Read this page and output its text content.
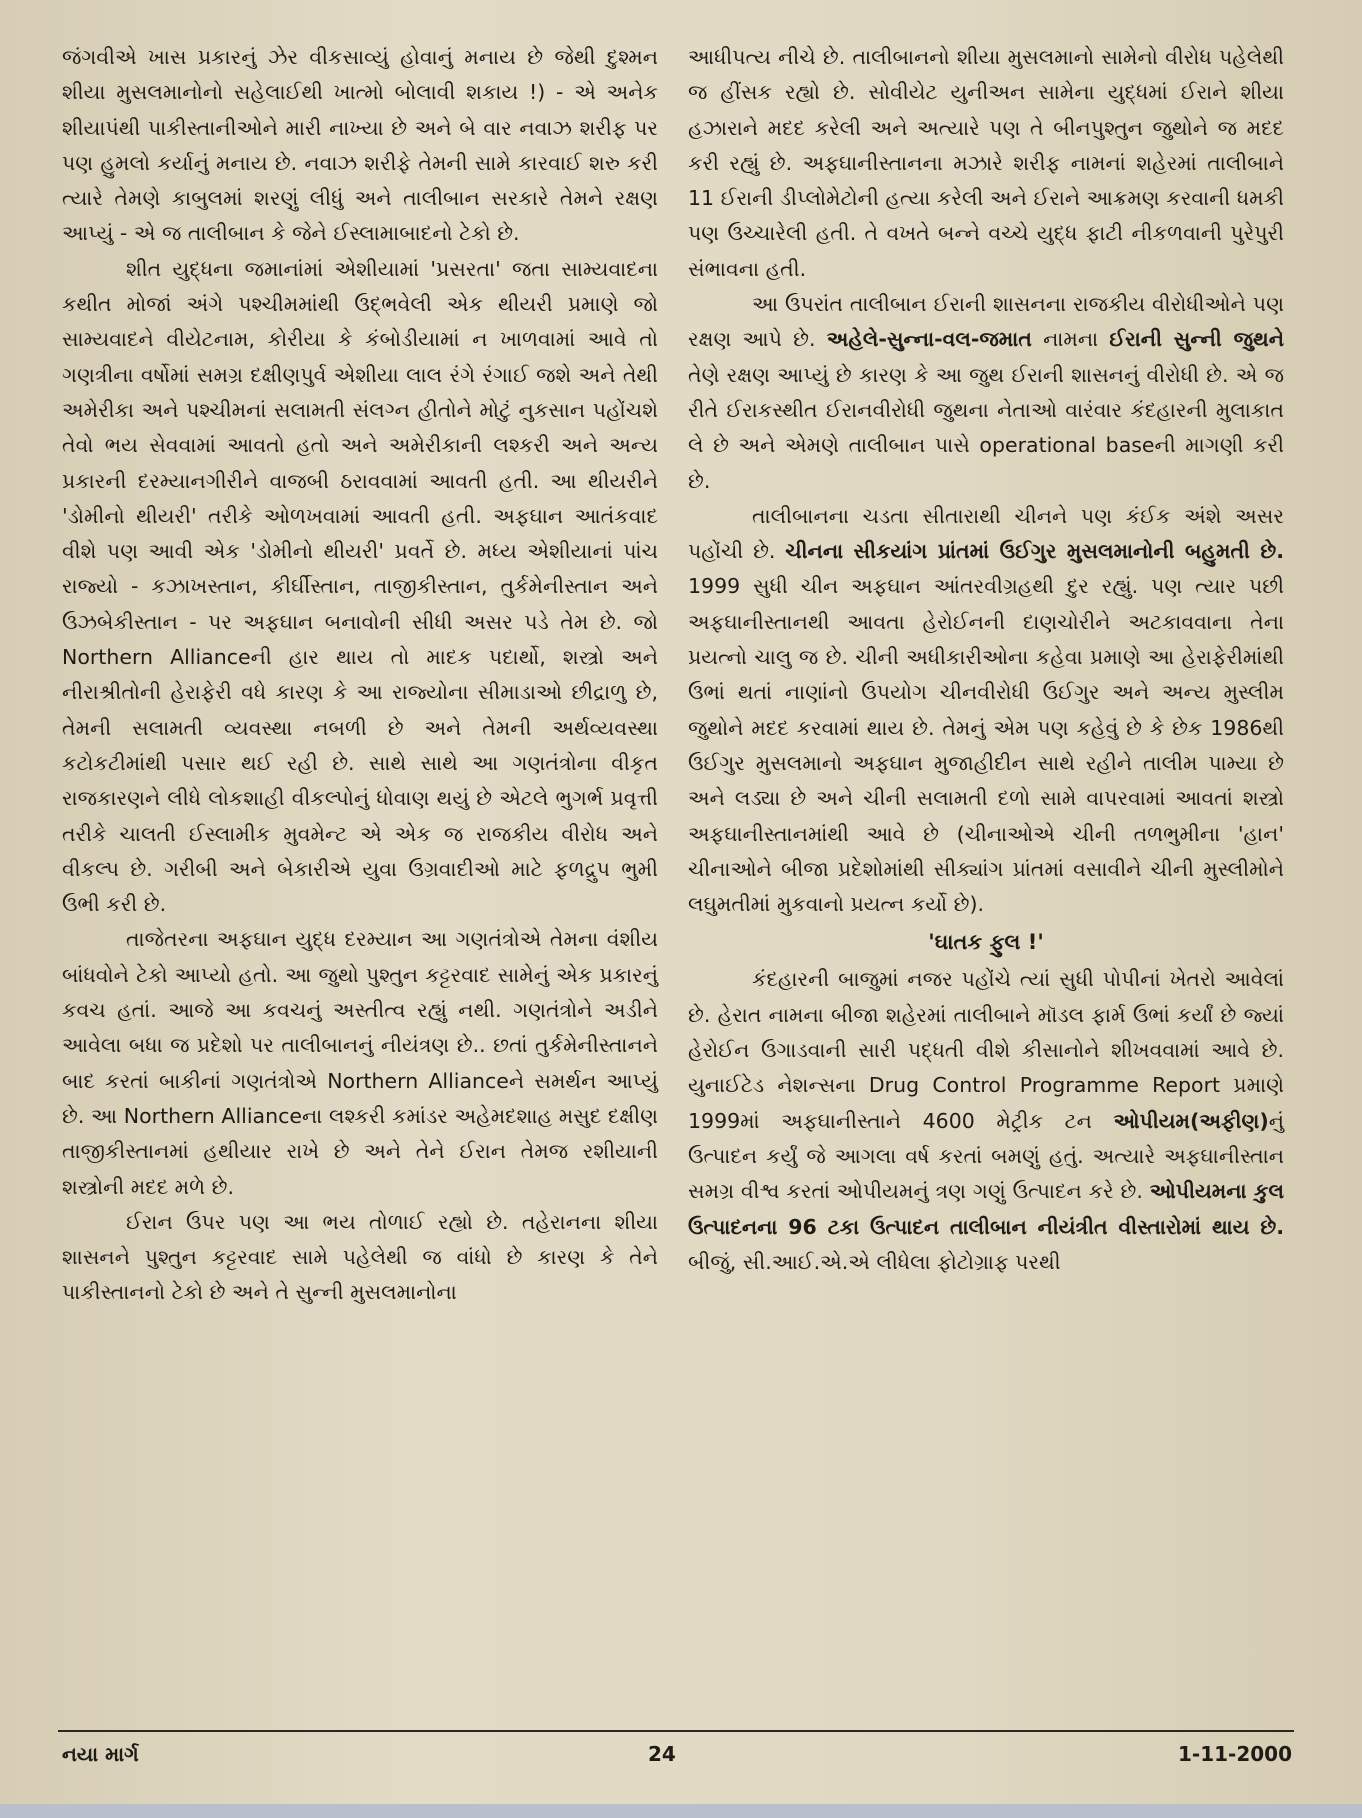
જંગવીએ ખાસ પ્રકારનું ઝેર વીકસાવ્યું હોવાનું મનાય છે જેથી દુશ્મન શીયા મુસલમાનોનો સહેલાઈથી ખાત્મો બોલાવી શકાય !) - એ અનેક શીયાપંથી પાકીસ્તાનીઓને મારી નાખ્યા છે અને બે વાર નવાઝ શરીફ પર પણ હુમલો કર્યાનું મનાય છે. નવાઝ શરીફે તેમની સામે કારવાઈ શરુ કરી ત્યારે તેમણે કાબુલમાં શરણું લીધું અને તાલીબાન સરકારે તેમને રક્ષણ આપ્યું - એ જ તાલીબાન કે જેને ઈસ્લામાબાદનો ટેકો છે.

શીત યુદ્ધના જમાનાંમાં એશીયામાં 'પ્રસરતા' જતા સામ્યવાદના કથીત મોજાં અંગે પશ્ચીમમાંથી ઉદ્ભવેલી એક થીયરી પ્રમાણે જો સામ્યવાદને વીયેટનામ, કોરીયા કે કંબોડીયામાં ન ખાળવામાં આવે તો ગણત્રીના વર્ષોમાં સમગ્ર દક્ષીણપુર્વ એશીયા લાલ રંગે રંગાઈ જશે અને તેથી અમેરીકા અને પશ્ચીમનાં સલામતી સંલગ્ન હીતોને મોટું નુકસાન પહોંચશે તેવો ભય સેવવામાં આવતો હતો અને અમેરીકાની લશ્કરી અને અન્ય પ્રકારની દરમ્યાનગીરીને વાજબી ઠરાવવામાં આવતી હતી. આ થીયરીને 'ડોમીનો થીયરી' તરીકે ઓળખવામાં આવતી હતી. અફઘાન આતંકવાદ વીશે પણ આવી એક 'ડોમીનો થીયરી' પ્રવર્તે છે. મધ્ય એશીયાનાં પાંચ રાજ્યો - કઝાખસ્તાન, કીર્ઘીસ્તાન, તાજીકીસ્તાન, તુર્કમેનીસ્તાન અને ઉઝબેકીસ્તાન - પર અફઘાન બનાવોની સીધી અસર પડે તેમ છે. જો Northern Allianceની હાર થાય તો માદક પદાર્થો, શસ્ત્રો અને નીરાશ્રીતોની હેરાફેરી વધે કારણ કે આ રાજ્યોના સીમાડાઓ છીદ્રાળુ છે, તેમની સલામતી વ્યવસ્થા નબળી છે અને તેમની અર્થવ્યવસ્થા કટોકટીમાંથી પસાર થઈ રહી છે. સાથે સાથે આ ગણતંત્રોના વીકૃત રાજકારણને લીધે લોકશાહી વીકલ્પોનું ધોવાણ થયું છે એટલે ભુગર્ભ પ્રવૃત્તી તરીકે ચાલતી ઈસ્લામીક મુવમેન્ટ એ એક જ રાજકીય વીરોધ અને વીકલ્પ છે. ગરીબી અને બેકારીએ યુવા ઉગ્રવાદીઓ માટે ફળદ્રુપ ભુમી ઉભી કરી છે.

તાજેતરના અફઘાન યુદ્ધ દરમ્યાન આ ગણતંત્રોએ તેમના વંશીય બાંધવોને ટેકો આપ્યો હતો. આ જુથો પુશ્તુન કટ્ટરવાદ સામેનું એક પ્રકારનું કવચ હતાં. આજે આ કવચનું અસ્તીત્વ રહ્યું નથી. ગણતંત્રોને અડીને આવેલા બધા જ પ્રદેશો પર તાલીબાનનું નીયંત્રણ છે.. છતાં તુર્કમેનીસ્તાનને બાદ કરતાં બાકીનાં ગણતંત્રોએ Northern Allianceને સમર્થન આપ્યું છે. આ Northern Allianceના લશ્કરી કમાંડર અહેમદશાહ મસુદ દક્ષીણ તાજીકીસ્તાનમાં હથીયાર રાખે છે અને તેને ઈરાન તેમજ રશીયાની શસ્ત્રોની મદદ મળે છે.

ઈરાન ઉપર પણ આ ભય તોળાઈ રહ્યો છે. તહેરાનના શીયા શાસનને પુશ્તુન કટ્ટરવાદ સામે પહેલેથી જ વાંધો છે કારણ કે તેને પાકીસ્તાનનો ટેકો છે અને તે સુન્ની મુસલમાનોના

આધીપત્ય નીચે છે. તાલીબાનનો શીયા મુસલમાનો સામેનો વીરોધ પહેલેથી જ હીંસક રહ્યો છે. સોવીયેટ યુનીઅન સામેના યુદ્ધમાં ઈરાને શીયા હઝારાને મદદ કરેલી અને અત્યારે પણ તે બીનપુશ્તુન જુથોને જ મદદ કરી રહ્યું છે. અફઘાનીસ્તાનના મઝારે શરીફ નામનાં શહેરમાં તાલીબાને 11 ઈરાની ડીપ્લોમેટોની હત્યા કરેલી અને ઈરાને આક્રમણ કરવાની ધમકી પણ ઉચ્ચારેલી હતી. તે વખતે બન્ને વચ્ચે યુદ્ધ ફાટી નીકળવાની પુરેપુરી સંભાવના હતી.

આ ઉપરાંત તાલીબાન ઈરાની શાસનના રાજકીય વીરોધીઓને પણ રક્ષણ આપે છે. અહેલે-સુન્ના-વલ-જમાત નામના ઈરાની સુન્ની જુથને તેણે રક્ષણ આપ્યું છે કારણ કે આ જુથ ઈરાની શાસનનું વીરોધી છે. એ જ રીતે ઈરાકસ્થીત ઈરાનવીરોધી જુથના નેતાઓ વારંવાર કંદહારની મુલાકાત લે છે અને એમણે તાલીબાન પાસે operational baseની માગણી કરી છે.

તાલીબાનના ચડતા સીતારાથી ચીનને પણ કંઈક અંશે અસર પહોંચી છે. ચીનના સીકયાંગ પ્રાંતમાં ઉઈગુર મુસલમાનોની બહુમતી છે. 1999 સુધી ચીન અફઘાન આંતરવીગ્રહથી દુર રહ્યું. પણ ત્યાર પછી અફઘાનીસ્તાનથી આવતા હેરોઈનની દાણચોરીને અટકાવવાના તેના પ્રયત્નો ચાલુ જ છે. ચીની અધીકારીઓના કહેવા પ્રમાણે આ હેરાફેરીમાંથી ઉભાં થતાં નાણાંનો ઉપયોગ ચીનવીરોધી ઉઈગુર અને અન્ય મુસ્લીમ જુથોને મદદ કરવામાં થાય છે. તેમનું એમ પણ કહેવું છે કે છેક 1986થી ઉઈગુર મુસલમાનો અફઘાન મુજાહીદીન સાથે રહીને તાલીમ પામ્યા છે અને લડ્યા છે અને ચીની સલામતી દળો સામે વાપરવામાં આવતાં શસ્ત્રો અફઘાનીસ્તાનમાંથી આવે છે (ચીનાઓએ ચીની તળભુમીના 'હાન' ચીનાઓને બીજા પ્રદેશોમાંથી સીક્યાંગ પ્રાંતમાં વસાવીને ચીની મુસ્લીમોને લઘુમતીમાં મુકવાનો પ્રયત્ન કર્યો છે).

'ઘાતક ફુલ !'

કંદહારની બાજુમાં નજર પહોંચે ત્યાં સુધી પોપીનાં ખેતરો આવેલાં છે. હેરાત નામના બીજા શહેરમાં તાલીબાને મૉડલ ફાર્મ ઉભાં કર્યાં છે જ્યાં હેરોઈન ઉગાડવાની સારી પદ્ધતી વીશે કીસાનોને શીખવવામાં આવે છે. યુનાઈટેડ નેશન્સના Drug Control Programme Report પ્રમાણે 1999માં અફઘાનીસ્તાને 4600 મેટ્રીક ટન ઓપીયમ(અફીણ)નું ઉત્પાદન કર્યું જે આગલા વર્ષ કરતાં બમણું હતું. અત્યારે અફઘાનીસ્તાન સમગ્ર વીશ્વ કરતાં ઓપીયમનું ત્રણ ગણું ઉત્પાદન કરે છે. ઓપીયમના કુલ ઉત્પાદનના 96 ટકા ઉત્પાદન તાલીબાન નીયંત્રીત વીસ્તારોમાં થાય છે. બીજું, સી.આઈ.એ.એ લીધેલા ફોટોગ્રાફ પરથી

નયા માર્ગ	24	1-11-2000
